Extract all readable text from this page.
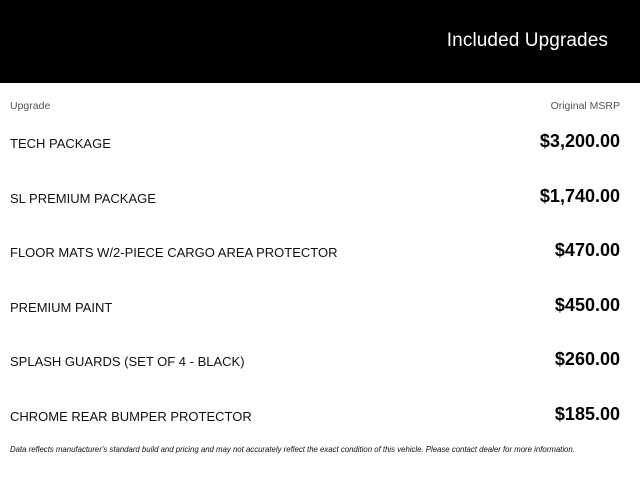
Included Upgrades
Upgrade	Original MSRP
TECH PACKAGE	$3,200.00
SL PREMIUM PACKAGE	$1,740.00
FLOOR MATS W/2-PIECE CARGO AREA PROTECTOR	$470.00
PREMIUM PAINT	$450.00
SPLASH GUARDS (SET OF 4 - BLACK)	$260.00
CHROME REAR BUMPER PROTECTOR	$185.00
Data reflects manufacturer's standard build and pricing and may not accurately reflect the exact condition of this vehicle. Please contact dealer for more information.
